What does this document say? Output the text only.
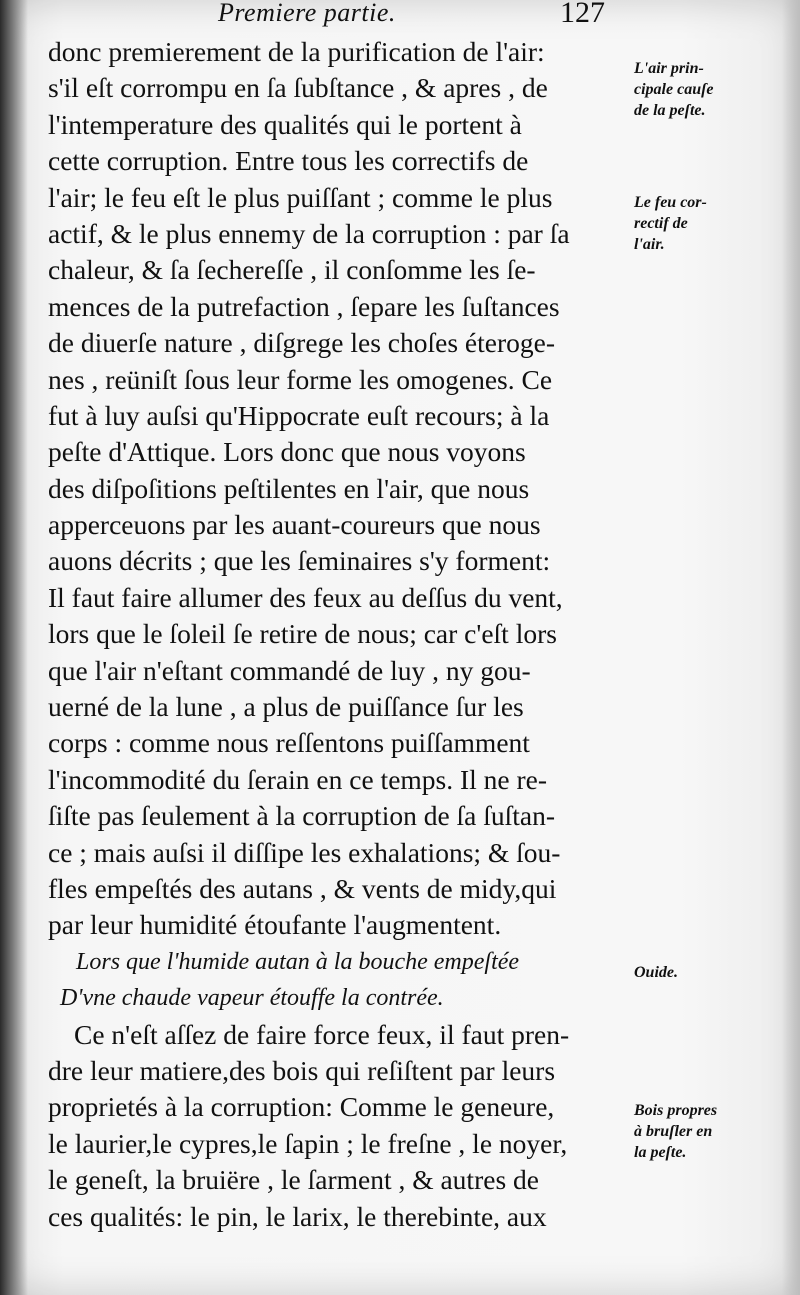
Premiere partie.	127
donc premierement de la purification de l'air:
s'il eſt corrompu en ſa ſubſtance , & apres , de
l'intemperature des qualités qui le portent à
cette corruption. Entre tous les correctifs de
l'air; le feu eſt le plus puiſſant ; comme le plus
actif, & le plus ennemy de la corruption : par ſa
chaleur, & ſa ſechereſſe , il conſomme les ſe-
mences de la putrefaction , ſepare les ſuſtances
de diuerſe nature , diſgrege les choſes éteroge-
nes , reüniſt ſous leur forme les omogenes. Ce
fut à luy auſsi qu'Hippocrate euſt recours; à la
peſte d'Attique. Lors donc que nous voyons
des diſpoſitions peſtilentes en l'air, que nous
apperceuons par les auant-coureurs que nous
auons décrits ; que les ſeminaires s'y forment:
Il faut faire allumer des feux au deſſus du vent,
lors que le ſoleil ſe retire de nous; car c'eſt lors
que l'air n'eſtant commandé de luy , ny gou-
uerné de la lune , a plus de puiſſance ſur les
corps : comme nous reſſentons puiſſamment
l'incommodité du ſerain en ce temps. Il ne re-
ſiſte pas ſeulement à la corruption de ſa ſuſtan-
ce ; mais auſsi il diſſipe les exhalations; & ſou-
fles empeſtés des autans , & vents de midy,qui
par leur humidité étoufante l'augmentent.
Lors que l'humide autan à la bouche empeſtée
D'vne chaude vapeur étouffe la contrée.
Ce n'eſt aſſez de faire force feux, il faut pren-
dre leur matiere,des bois qui reſiſtent par leurs
proprietés à la corruption: Comme le geneure,
le laurier,le cypres,le ſapin ; le freſne , le noyer,
le geneſt, la bruiëre , le ſarment , & autres de
ces qualités: le pin, le larix, le therebinte, aux
L'air prin-
cipale cauſe
de la peſte.
Le feu cor-
rectif de
l'air.
Ouide.
Bois propres
à bruſler en
la peſte.
